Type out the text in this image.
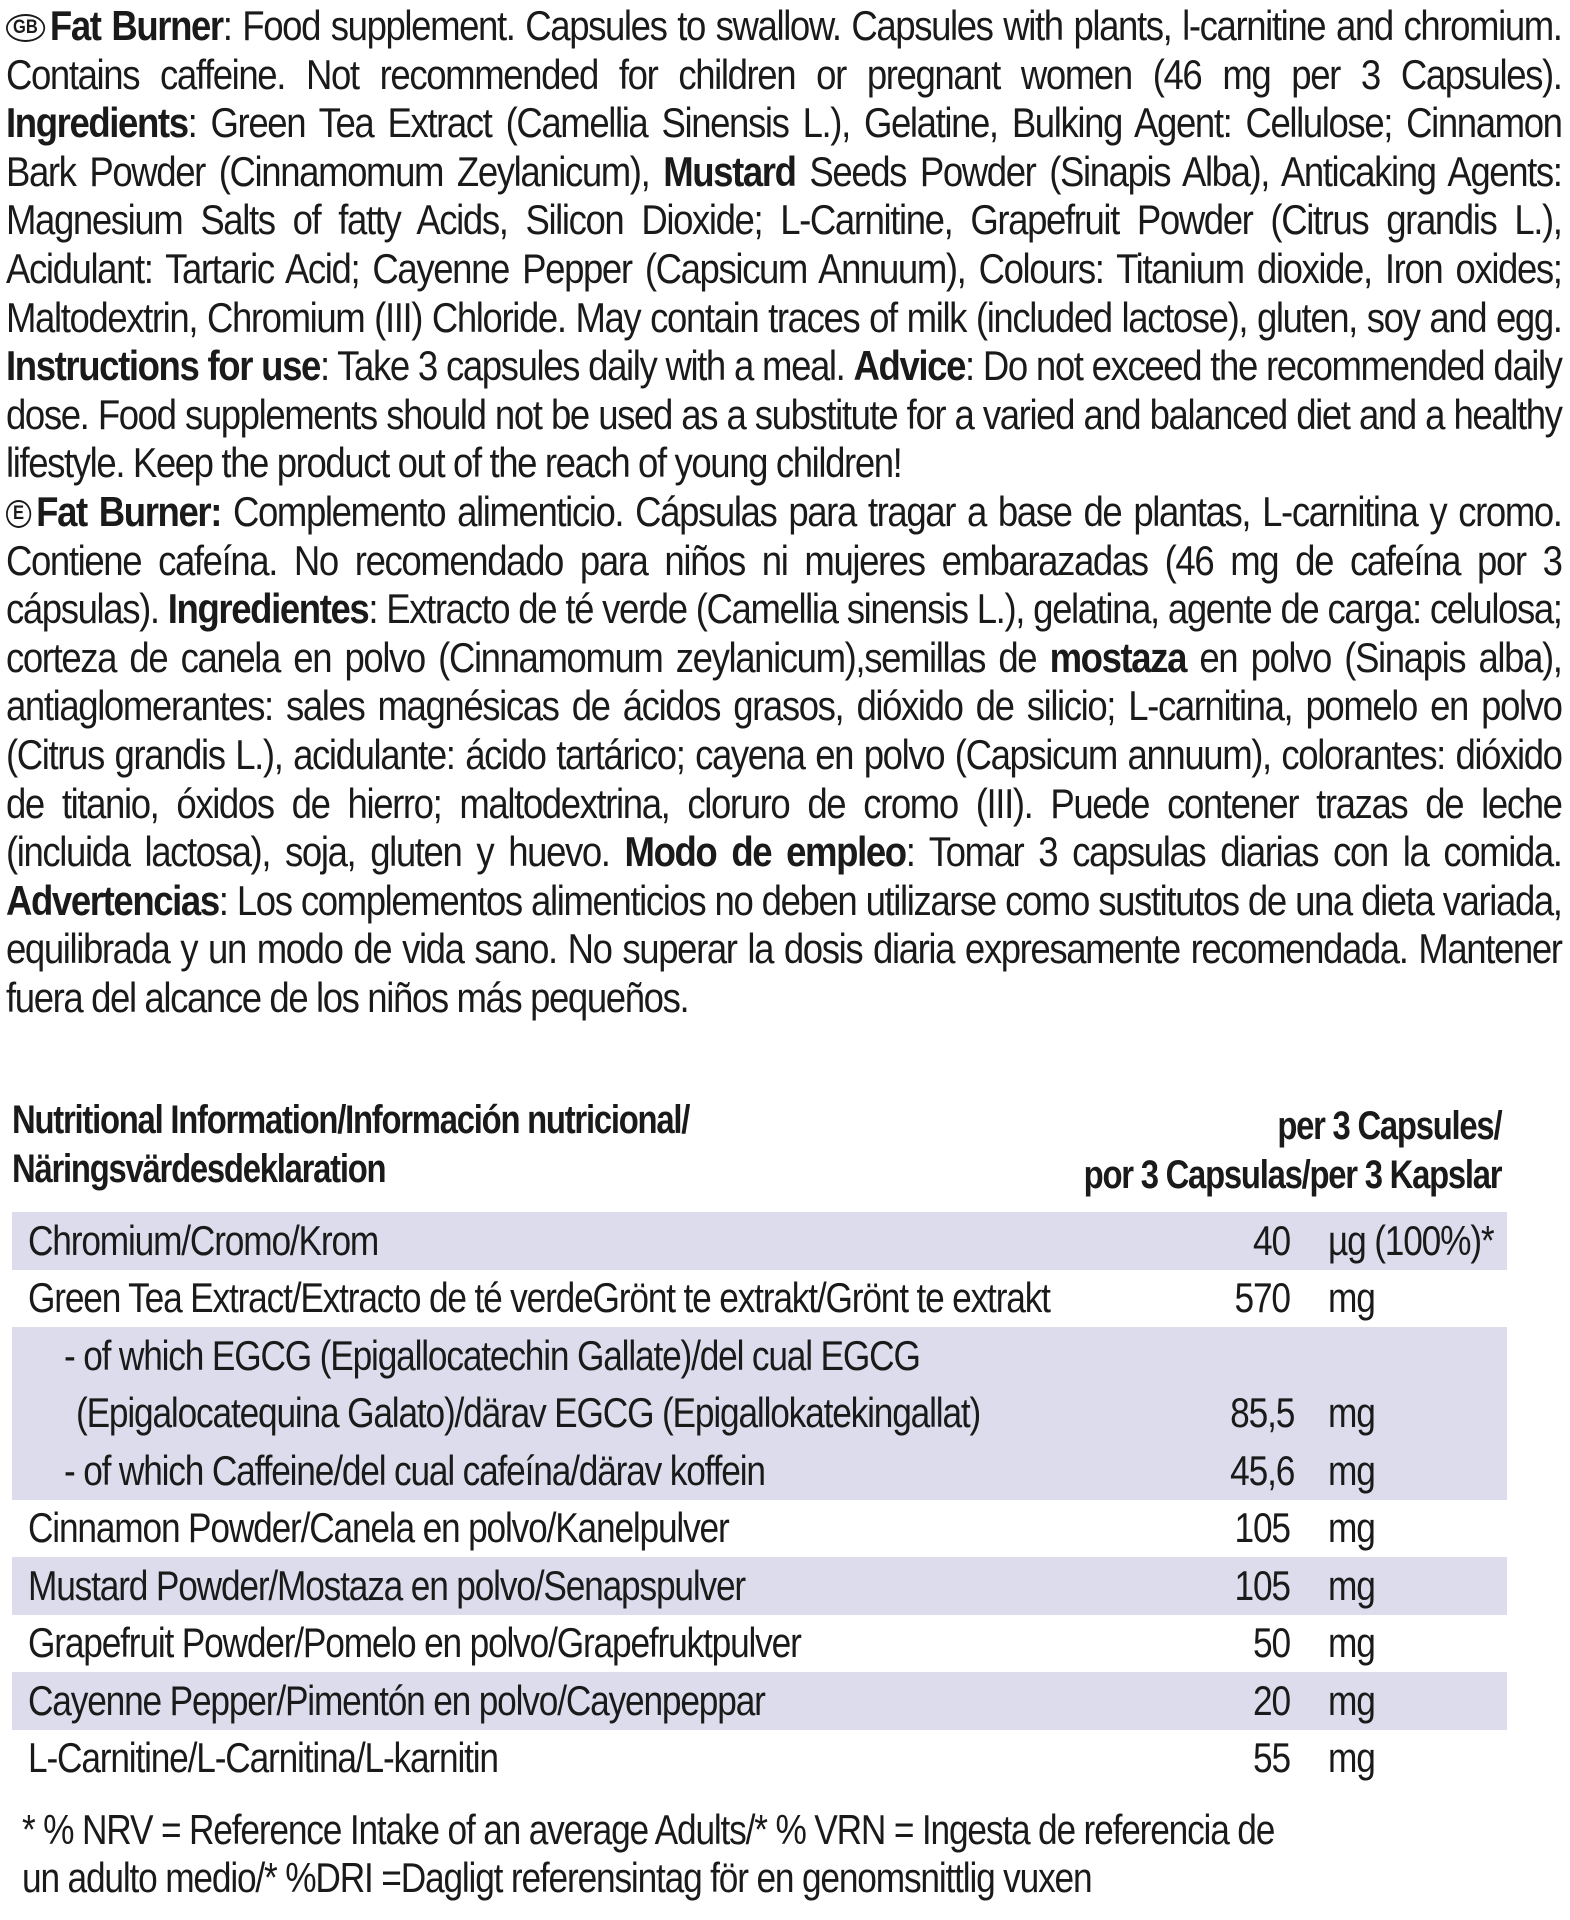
GB Fat Burner: Food supplement. Capsules to swallow. Capsules with plants, l-carnitine and chromium. Contains caffeine. Not recommended for children or pregnant women (46 mg per 3 Capsules). Ingredients: Green Tea Extract (Camellia Sinensis L.), Gelatine, Bulking Agent: Cellulose; Cinnamon Bark Powder (Cinnamomum Zeylanicum), Mustard Seeds Powder (Sinapis Alba), Anticaking Agents: Magnesium Salts of fatty Acids, Silicon Dioxide; L-Carnitine, Grapefruit Powder (Citrus grandis L.), Acidulant: Tartaric Acid; Cayenne Pepper (Capsicum Annuum), Colours: Titanium dioxide, Iron oxides; Maltodextrin, Chromium (III) Chloride. May contain traces of milk (included lactose), gluten, soy and egg. Instructions for use: Take 3 capsules daily with a meal. Advice: Do not exceed the recommended daily dose. Food supplements should not be used as a substitute for a varied and balanced diet and a healthy lifestyle. Keep the product out of the reach of young children!

E Fat Burner: Complemento alimenticio. Cápsulas para tragar a base de plantas, L-carnitina y cromo. Contiene cafeína. No recomendado para niños ni mujeres embarazadas (46 mg de cafeína por 3 cápsulas). Ingredientes: Extracto de té verde (Camellia sinensis L.), gelatina, agente de carga: celulosa; corteza de canela en polvo (Cinnamomum zeylanicum),semillas de mostaza en polvo (Sinapis alba), antiaglomerantes: sales magnésicas de ácidos grasos, dióxido de silicio; L-carnitina, pomelo en polvo (Citrus grandis L.), acidulante: ácido tartárico; cayena en polvo (Capsicum annuum), colorantes: dióxido de titanio, óxidos de hierro; maltodextrina, cloruro de cromo (III). Puede contener trazas de leche (incluida lactosa), soja, gluten y huevo. Modo de empleo: Tomar 3 capsulas diarias con la comida. Advertencias: Los complementos alimenticios no deben utilizarse como sustitutos de una dieta variada, equilibrada y un modo de vida sano. No superar la dosis diaria expresamente recomendada. Mantener fuera del alcance de los niños más pequeños.

Nutritional Information/Información nutricional/
Näringsvärdesdeklaration
per 3 Capsules/
por 3 Capsulas/per 3 Kapslar
Chromium/Cromo/Krom	40	µg (100%)*
Green Tea Extract/Extracto de té verdeGrönt te extrakt/Grönt te extrakt	570	mg
- of which EGCG (Epigallocatechin Gallate)/del cual EGCG		
(Epigalocatequina Galato)/därav EGCG (Epigallokatekingallat)	85,5	mg
- of which Caffeine/del cual cafeína/därav koffein	45,6	mg
Cinnamon Powder/Canela en polvo/Kanelpulver	105	mg
Mustard Powder/Mostaza en polvo/Senapspulver	105	mg
Grapefruit Powder/Pomelo en polvo/Grapefruktpulver	50	mg
Cayenne Pepper/Pimentón en polvo/Cayenpeppar	20	mg
L-Carnitine/L-Carnitina/L-karnitin	55	mg
* % NRV = Reference Intake of an average Adults/* % VRN = Ingesta de referencia de
un adulto medio/* %DRI =Dagligt referensintag för en genomsnittlig vuxen
